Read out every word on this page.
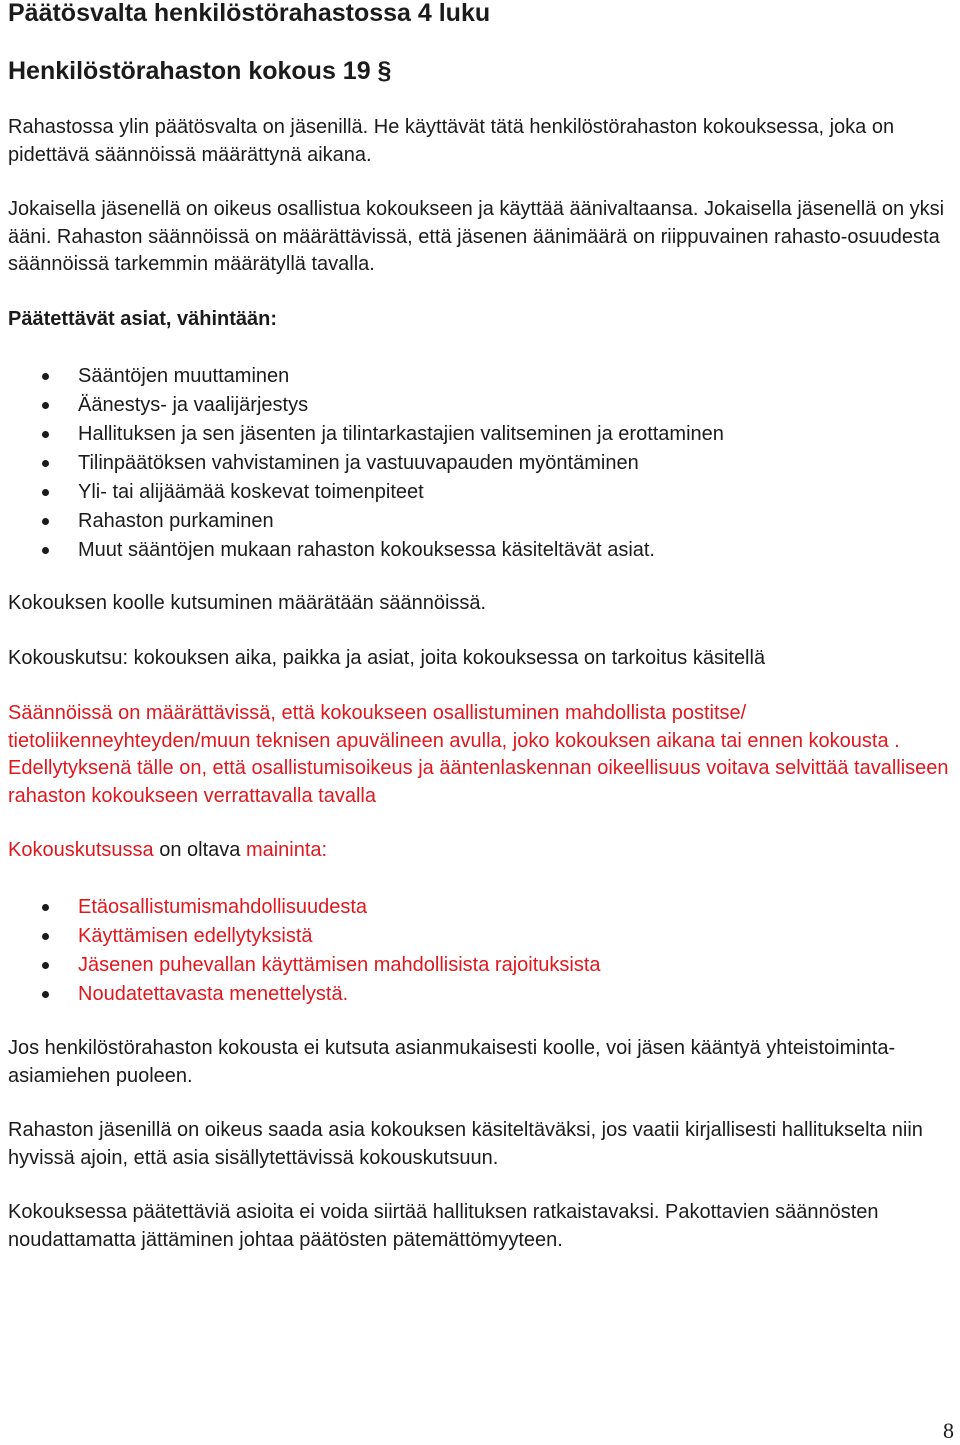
Päätösvalta henkilöstörahastossa 4 luku
Henkilöstörahaston kokous 19 §
Rahastossa ylin päätösvalta on jäsenillä. He käyttävät tätä henkilöstörahaston kokouksessa, joka on pidettävä säännöissä määrättynä aikana.
Jokaisella jäsenellä on oikeus osallistua kokoukseen ja käyttää äänivaltaansa. Jokaisella jäsenellä on yksi ääni. Rahaston säännöissä on määrättävissä, että jäsenen äänimäärä on riippuvainen rahasto-osuudesta säännöissä tarkemmin määrätyllä tavalla.
Päätettävät asiat, vähintään:
Sääntöjen muuttaminen
Äänestys- ja vaalijärjestys
Hallituksen ja sen jäsenten ja tilintarkastajien valitseminen ja erottaminen
Tilinpäätöksen vahvistaminen ja vastuuvapauden myöntäminen
Yli- tai alijäämää koskevat toimenpiteet
Rahaston purkaminen
Muut sääntöjen mukaan rahaston kokouksessa käsiteltävät asiat.
Kokouksen koolle kutsuminen määrätään säännöissä.
Kokouskutsu: kokouksen aika, paikka ja asiat, joita kokouksessa on tarkoitus käsitellä
Säännöissä on määrättävissä, että kokoukseen osallistuminen mahdollista postitse/ tietoliikenneyhteyden/muun teknisen apuvälineen avulla, joko kokouksen aikana tai ennen kokousta . Edellytyksenä tälle on, että osallistumisoikeus ja ääntenlaskennan oikeellisuus voitava selvittää tavalliseen rahaston kokoukseen verrattavalla tavalla
Kokouskutsussa on oltava maininta:
Etäosallistumismahdollisuudesta
Käyttämisen edellytyksistä
Jäsenen puhevallan käyttämisen mahdollisista rajoituksista
Noudatettavasta menettelystä.
Jos henkilöstörahaston kokousta ei kutsuta asianmukaisesti koolle, voi jäsen kääntyä yhteistoiminta-asiamiehen puoleen.
Rahaston jäsenillä on oikeus saada asia kokouksen käsiteltäväksi, jos vaatii kirjallisesti hallitukselta niin hyvissä ajoin, että asia sisällytettävissä kokouskutsuun.
Kokouksessa päätettäviä asioita ei voida siirtää hallituksen ratkaistavaksi. Pakottavien säännösten noudattamatta jättäminen johtaa päätösten pätemättömyyteen.
8
